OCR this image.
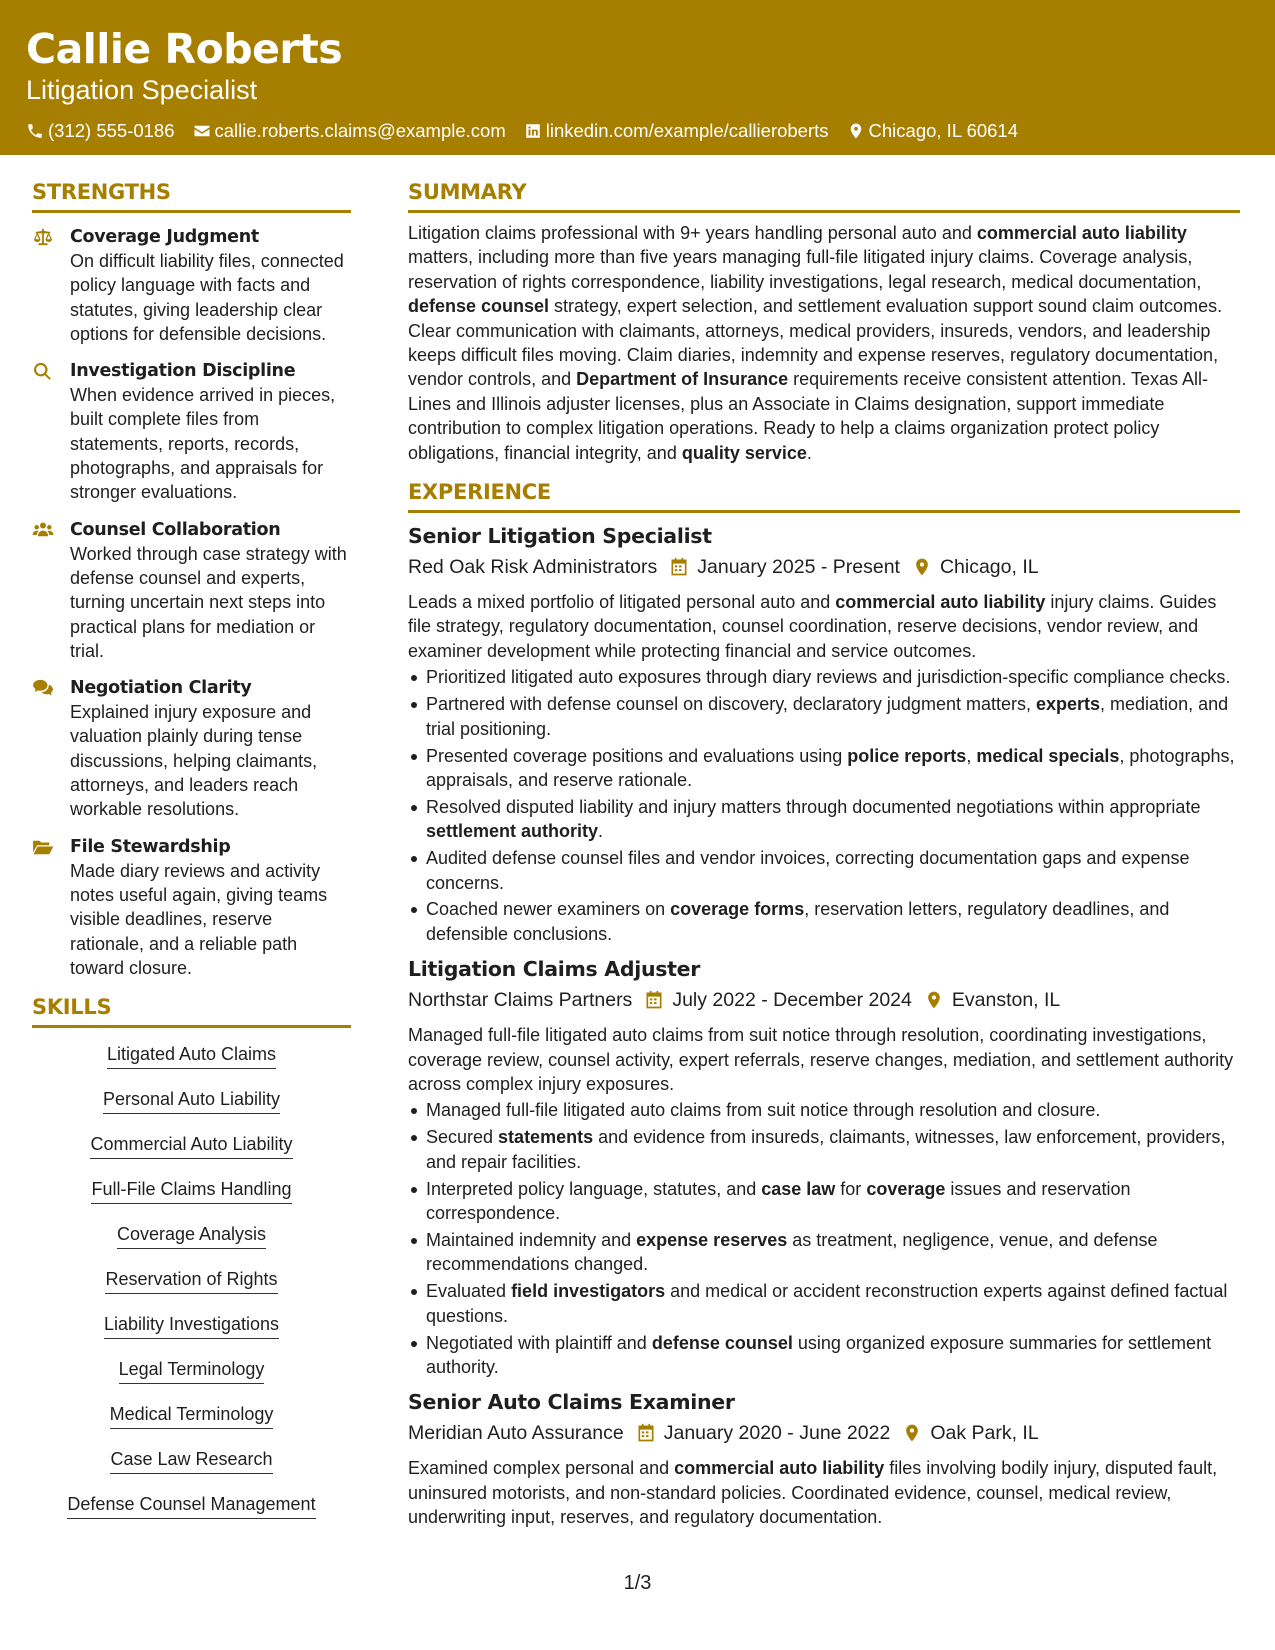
Callie Roberts
Litigation Specialist
(312) 555-0186 callie.roberts.claims@example.com linkedin.com/example/callieroberts Chicago, IL 60614
STRENGTHS
Coverage Judgment
On difficult liability files, connected policy language with facts and statutes, giving leadership clear options for defensible decisions.
Investigation Discipline
When evidence arrived in pieces, built complete files from statements, reports, records, photographs, and appraisals for stronger evaluations.
Counsel Collaboration
Worked through case strategy with defense counsel and experts, turning uncertain next steps into practical plans for mediation or trial.
Negotiation Clarity
Explained injury exposure and valuation plainly during tense discussions, helping claimants, attorneys, and leaders reach workable resolutions.
File Stewardship
Made diary reviews and activity notes useful again, giving teams visible deadlines, reserve rationale, and a reliable path toward closure.
SKILLS
Litigated Auto Claims
Personal Auto Liability
Commercial Auto Liability
Full-File Claims Handling
Coverage Analysis
Reservation of Rights
Liability Investigations
Legal Terminology
Medical Terminology
Case Law Research
Defense Counsel Management
SUMMARY

Litigation claims professional with 9+ years handling personal auto and commercial auto liability matters, including more than five years managing full-file litigated injury claims. Coverage analysis, reservation of rights correspondence, liability investigations, legal research, medical documentation, defense counsel strategy, expert selection, and settlement evaluation support sound claim outcomes. Clear communication with claimants, attorneys, medical providers, insureds, vendors, and leadership keeps difficult files moving. Claim diaries, indemnity and expense reserves, regulatory documentation, vendor controls, and Department of Insurance requirements receive consistent attention. Texas All-Lines and Illinois adjuster licenses, plus an Associate in Claims designation, support immediate contribution to complex litigation operations. Ready to help a claims organization protect policy obligations, financial integrity, and quality service.

EXPERIENCE
Senior Litigation Specialist
Red Oak Risk Administrators January 2025 - Present Chicago, IL

Leads a mixed portfolio of litigated personal auto and commercial auto liability injury claims. Guides file strategy, regulatory documentation, counsel coordination, reserve decisions, vendor review, and examiner development while protecting financial and service outcomes.

Prioritized litigated auto exposures through diary reviews and jurisdiction-specific compliance checks.
Partnered with defense counsel on discovery, declaratory judgment matters, experts, mediation, and trial positioning.
Presented coverage positions and evaluations using police reports, medical specials, photographs, appraisals, and reserve rationale.
Resolved disputed liability and injury matters through documented negotiations within appropriate settlement authority.
Audited defense counsel files and vendor invoices, correcting documentation gaps and expense concerns.
Coached newer examiners on coverage forms, reservation letters, regulatory deadlines, and defensible conclusions.
Litigation Claims Adjuster
Northstar Claims Partners July 2022 - December 2024 Evanston, IL

Managed full-file litigated auto claims from suit notice through resolution, coordinating investigations, coverage review, counsel activity, expert referrals, reserve changes, mediation, and settlement authority across complex injury exposures.

Managed full-file litigated auto claims from suit notice through resolution and closure.
Secured statements and evidence from insureds, claimants, witnesses, law enforcement, providers, and repair facilities.
Interpreted policy language, statutes, and case law for coverage issues and reservation correspondence.
Maintained indemnity and expense reserves as treatment, negligence, venue, and defense recommendations changed.
Evaluated field investigators and medical or accident reconstruction experts against defined factual questions.
Negotiated with plaintiff and defense counsel using organized exposure summaries for settlement authority.
Senior Auto Claims Examiner
Meridian Auto Assurance January 2020 - June 2022 Oak Park, IL

Examined complex personal and commercial auto liability files involving bodily injury, disputed fault, uninsured motorists, and non-standard policies. Coordinated evidence, counsel, medical review, underwriting input, reserves, and regulatory documentation.

1/3
